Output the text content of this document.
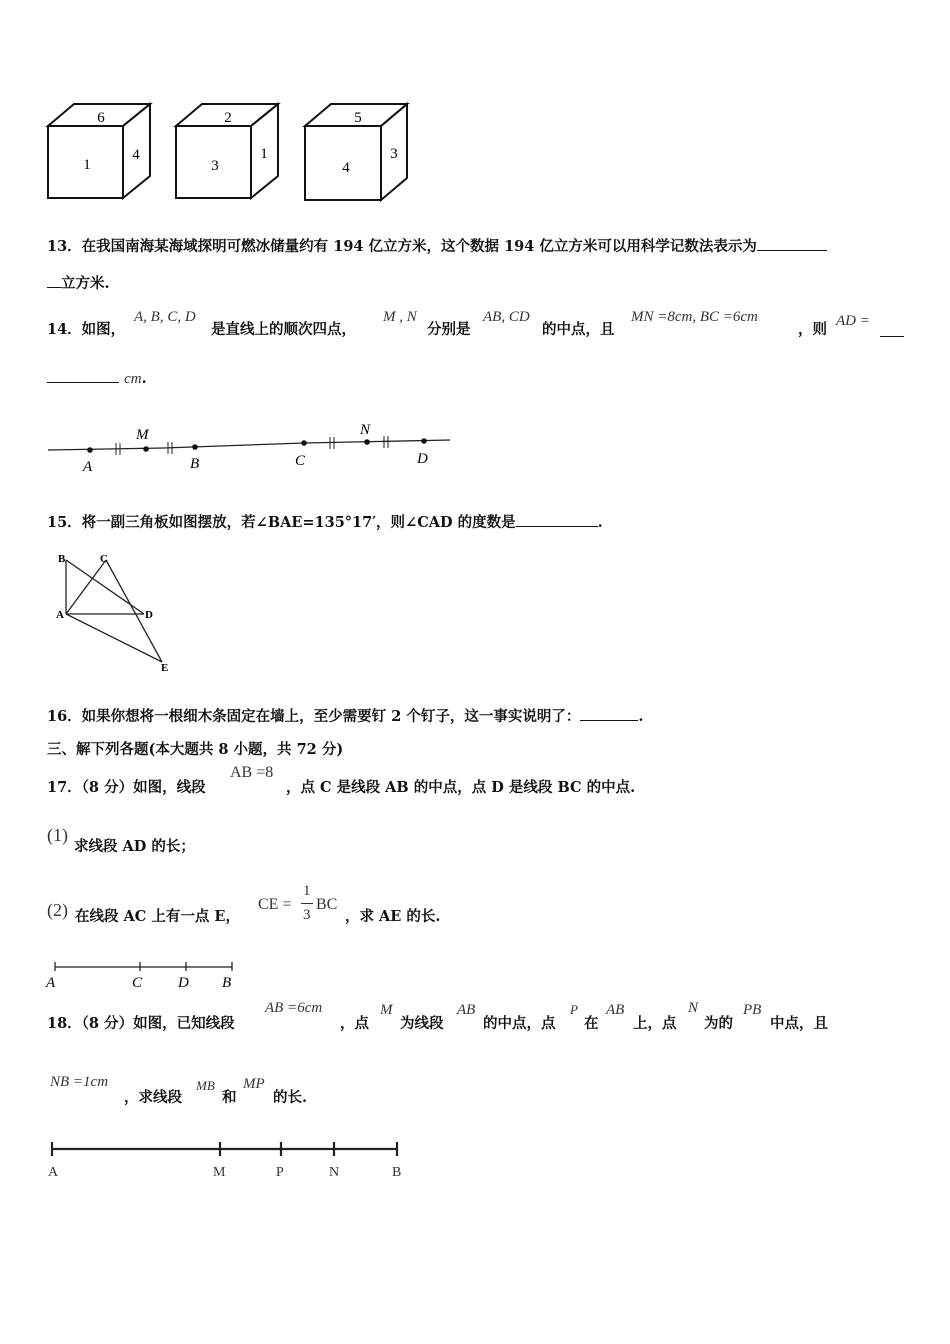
6
1
4
2
3
1
5
4
3
13．在我国南海某海域探明可燃冰储量约有 194 亿立方米，这个数据 194 亿立方米可以用科学记数法表示为
立方米.
14．如图，
A, B, C, D
是直线上的顺次四点，
M , N
分别是
AB, CD
的中点，且
MN =8cm, BC =6cm
，则 AD =
cm.
A
M
B	C
N
D
15．将一副三角板如图摆放，若∠BAE=135°17′，则∠CAD 的度数是	.
B	C
A	D
E
16．如果你想将一根细木条固定在墙上，至少需要钉 2 个钉子，这一事实说明了：	.
三、解下列各题(本大题共 8 小题，共 72 分)
17．（8 分）如图，线段
AB =8
，点 C 是线段 AB 的中点，点 D 是线段 BC 的中点.
(1)
求线段 AD 的长；
(2) 在线段 AC 上有一点 E，
CE =
1
3
BC
，求 AE 的长.
A	C D B
18．（8 分）如图，已知线段
AB =6cm
，点
M
为线段
AB
的中点，点
P
在
AB
上，点
N
为的
PB
中点，且
NB =1cm
，求线段
MB
和
MP
的长.
A	M	P	N	B
